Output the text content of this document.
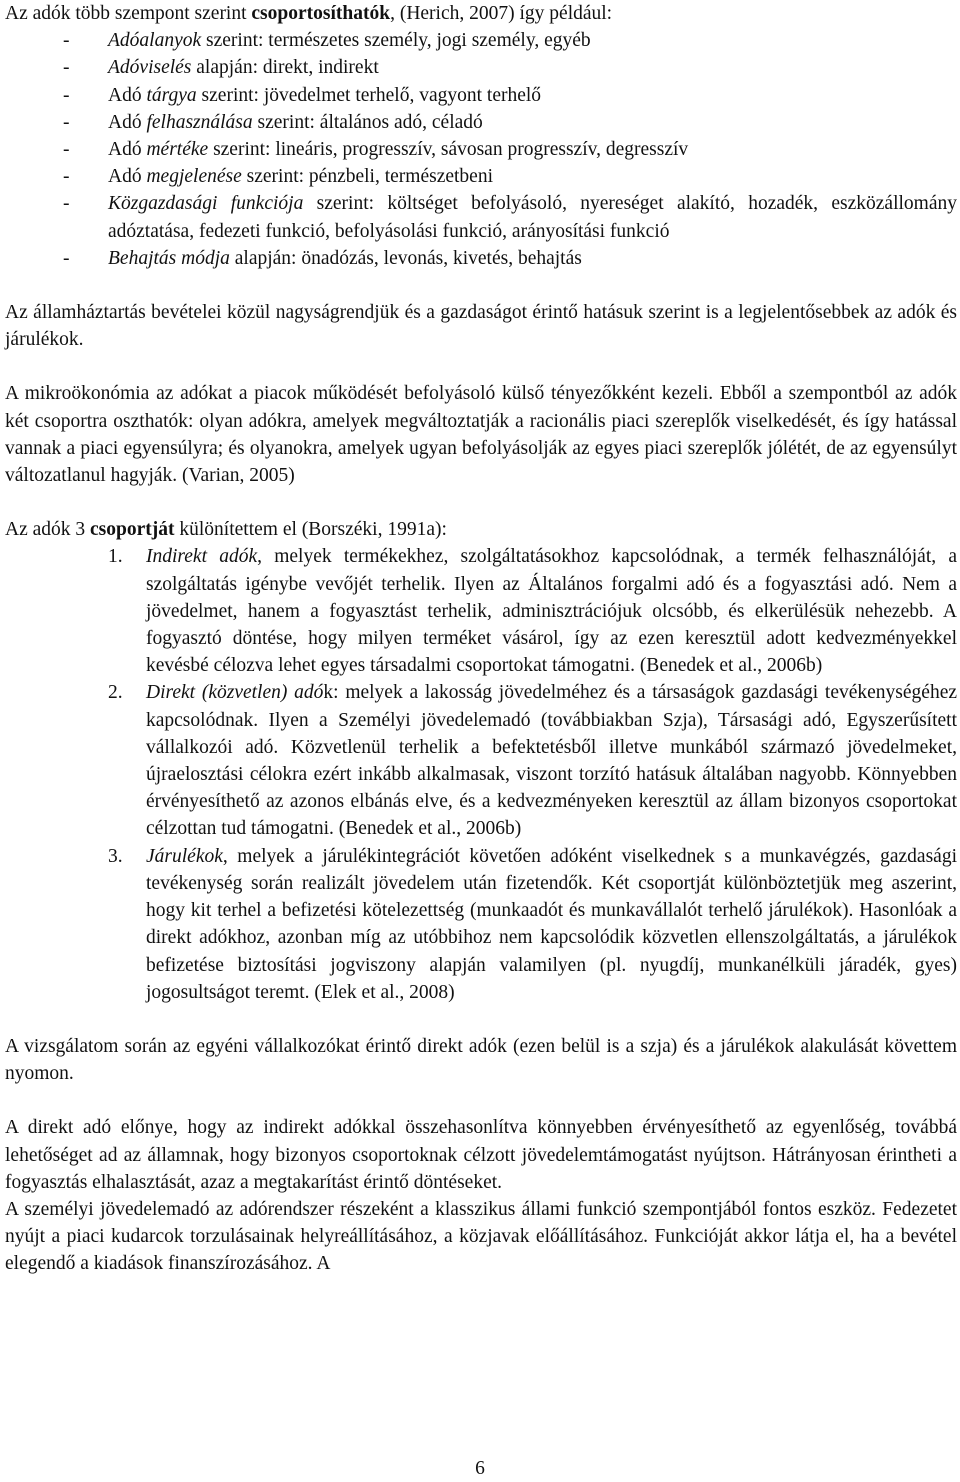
Az adók több szempont szerint csoportosíthatók, (Herich, 2007) így például:

-	Adóalanyok szerint: természetes személy, jogi személy, egyéb
-	Adóviselés alapján: direkt, indirekt
-	Adó tárgya szerint: jövedelmet terhelő, vagyont terhelő
-	Adó felhasználása szerint: általános adó, céladó
-	Adó mértéke szerint: lineáris, progresszív, sávosan progresszív, degresszív
-	Adó megjelenése szerint: pénzbeli, természetbeni
-	Közgazdasági funkciója szerint: költséget befolyásoló, nyereséget alakító, hozadék, eszközállomány adóztatása, fedezeti funkció, befolyásolási funkció, arányosítási funkció
-	Behajtás módja alapján: önadózás, levonás, kivetés, behajtás

Az államháztartás bevételei közül nagyságrendjük és a gazdaságot érintő hatásuk szerint is a legjelentősebbek az adók és járulékok.

A mikroökonómia az adókat a piacok működését befolyásoló külső tényezőkként kezeli. Ebből a szempontból az adók két csoportra oszthatók: olyan adókra, amelyek megváltoztatják a racionális piaci szereplők viselkedését, és így hatással vannak a piaci egyensúlyra; és olyanokra, amelyek ugyan befolyásolják az egyes piaci szereplők jólétét, de az egyensúlyt változatlanul hagyják. (Varian, 2005)

Az adók 3 csoportját különítettem el (Borszéki, 1991a):

1.	Indirekt adók, melyek termékekhez, szolgáltatásokhoz kapcsolódnak, a termék felhasználóját, a szolgáltatás igénybe vevőjét terhelik. Ilyen az Általános forgalmi adó és a fogyasztási adó. Nem a jövedelmet, hanem a fogyasztást terhelik, adminisztrációjuk olcsóbb, és elkerülésük nehezebb. A fogyasztó döntése, hogy milyen terméket vásárol, így az ezen keresztül adott kedvezményekkel kevésbé célozva lehet egyes társadalmi csoportokat támogatni. (Benedek et al., 2006b)
2.	Direkt (közvetlen) adók: melyek a lakosság jövedelméhez és a társaságok gazdasági tevékenységéhez kapcsolódnak. Ilyen a Személyi jövedelemadó (továbbiakban Szja), Társasági adó, Egyszerűsített vállalkozói adó. Közvetlenül terhelik a befektetésből illetve munkából származó jövedelmeket, újraelosztási célokra ezért inkább alkalmasak, viszont torzító hatásuk általában nagyobb. Könnyebben érvényesíthető az azonos elbánás elve, és a kedvezményeken keresztül az állam bizonyos csoportokat célzottan tud támogatni. (Benedek et al., 2006b)
3.	Járulékok, melyek a járulékintegrációt követően adóként viselkednek s a munkavégzés, gazdasági tevékenység során realizált jövedelem után fizetendők. Két csoportját különböztetjük meg aszerint, hogy kit terhel a befizetési kötelezettség (munkaadót és munkavállalót terhelő járulékok). Hasonlóak a direkt adókhoz, azonban míg az utóbbihoz nem kapcsolódik közvetlen ellenszolgáltatás, a járulékok befizetése biztosítási jogviszony alapján valamilyen (pl. nyugdíj, munkanélküli járadék, gyes) jogosultságot teremt. (Elek et al., 2008)

A vizsgálatom során az egyéni vállalkozókat érintő direkt adók (ezen belül is a szja) és a járulékok alakulását követtem nyomon.

A direkt adó előnye, hogy az indirekt adókkal összehasonlítva könnyebben érvényesíthető az egyenlőség, továbbá lehetőséget ad az államnak, hogy bizonyos csoportoknak célzott jövedelemtámogatást nyújtson. Hátrányosan érintheti a fogyasztás elhalasztását, azaz a megtakarítást érintő döntéseket.

A személyi jövedelemadó az adórendszer részeként a klasszikus állami funkció szempontjából fontos eszköz. Fedezetet nyújt a piaci kudarcok torzulásainak helyreállításához, a közjavak előállításához. Funkcióját akkor látja el, ha a bevétel elegendő a kiadások finanszírozásához. A

6
